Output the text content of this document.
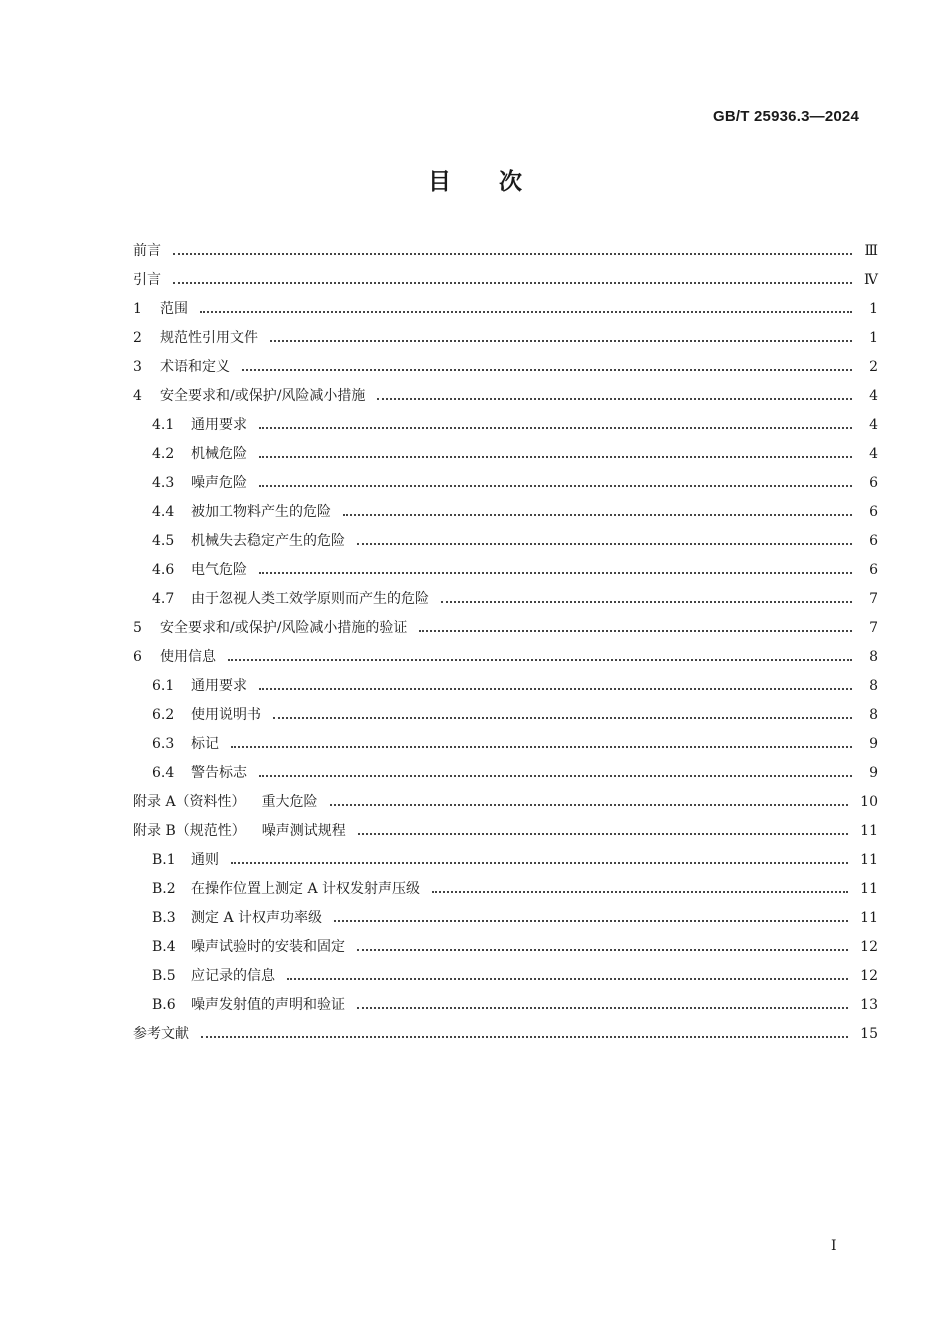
GB/T 25936.3—2024
目 次
前言	Ⅲ
引言	Ⅳ
1	范围	1
2	规范性引用文件	1
3	术语和定义	2
4	安全要求和/或保护/风险减小措施	4
4.1	通用要求	4
4.2	机械危险	4
4.3	噪声危险	6
4.4	被加工物料产生的危险	6
4.5	机械失去稳定产生的危险	6
4.6	电气危险	6
4.7	由于忽视人类工效学原则而产生的危险	7
5	安全要求和/或保护/风险减小措施的验证	7
6	使用信息	8
6.1	通用要求	8
6.2	使用说明书	8
6.3	标记	9
6.4	警告标志	9
附录 A（资料性） 重大危险	10
附录 B（规范性） 噪声测试规程	11
B.1	通则	11
B.2	在操作位置上测定 A 计权发射声压级	11
B.3	测定 A 计权声功率级	11
B.4	噪声试验时的安装和固定	12
B.5	应记录的信息	12
B.6	噪声发射值的声明和验证	13
参考文献	15
Ⅰ
